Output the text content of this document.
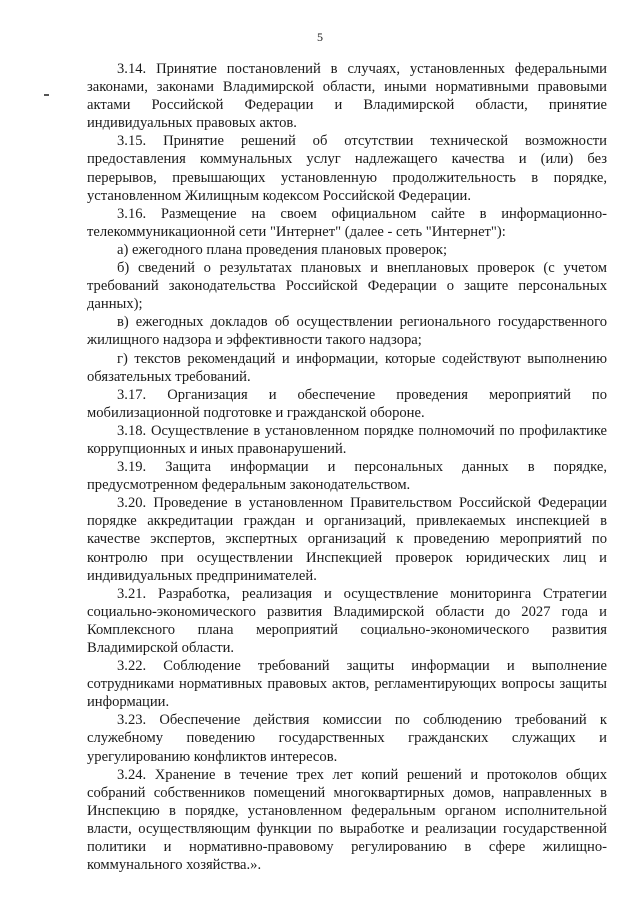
5

3.14. Принятие постановлений в случаях, установленных федеральными законами, законами Владимирской области, иными нормативными правовыми актами Российской Федерации и Владимирской области, принятие индивидуальных правовых актов.

3.15. Принятие решений об отсутствии технической возможности предоставления коммунальных услуг надлежащего качества и (или) без перерывов, превышающих установленную продолжительность в порядке, установленном Жилищным кодексом Российской Федерации.

3.16. Размещение на своем официальном сайте в информационно-телекоммуникационной сети "Интернет" (далее - сеть "Интернет"):

а) ежегодного плана проведения плановых проверок;

б) сведений о результатах плановых и внеплановых проверок (с учетом требований законодательства Российской Федерации о защите персональных данных);

в) ежегодных докладов об осуществлении регионального государственного жилищного надзора и эффективности такого надзора;

г) текстов рекомендаций и информации, которые содействуют выполнению обязательных требований.

3.17. Организация и обеспечение проведения мероприятий по мобилизационной подготовке и гражданской обороне.

3.18. Осуществление в установленном порядке полномочий по профилактике коррупционных и иных правонарушений.

3.19. Защита информации и персональных данных в порядке, предусмотренном федеральным законодательством.

3.20. Проведение в установленном Правительством Российской Федерации порядке аккредитации граждан и организаций, привлекаемых инспекцией в качестве экспертов, экспертных организаций к проведению мероприятий по контролю при осуществлении Инспекцией проверок юридических лиц и индивидуальных предпринимателей.

3.21. Разработка, реализация и осуществление мониторинга Стратегии социально-экономического развития Владимирской области до 2027 года и Комплексного плана мероприятий социально-экономического развития Владимирской области.

3.22. Соблюдение требований защиты информации и выполнение сотрудниками нормативных правовых актов, регламентирующих вопросы защиты информации.

3.23. Обеспечение действия комиссии по соблюдению требований к служебному поведению государственных гражданских служащих и урегулированию конфликтов интересов.

3.24. Хранение в течение трех лет копий решений и протоколов общих собраний собственников помещений многоквартирных домов, направленных в Инспекцию в порядке, установленном федеральным органом исполнительной власти, осуществляющим функции по выработке и реализации государственной политики и нормативно-правовому регулированию в сфере жилищно-коммунального хозяйства.».
